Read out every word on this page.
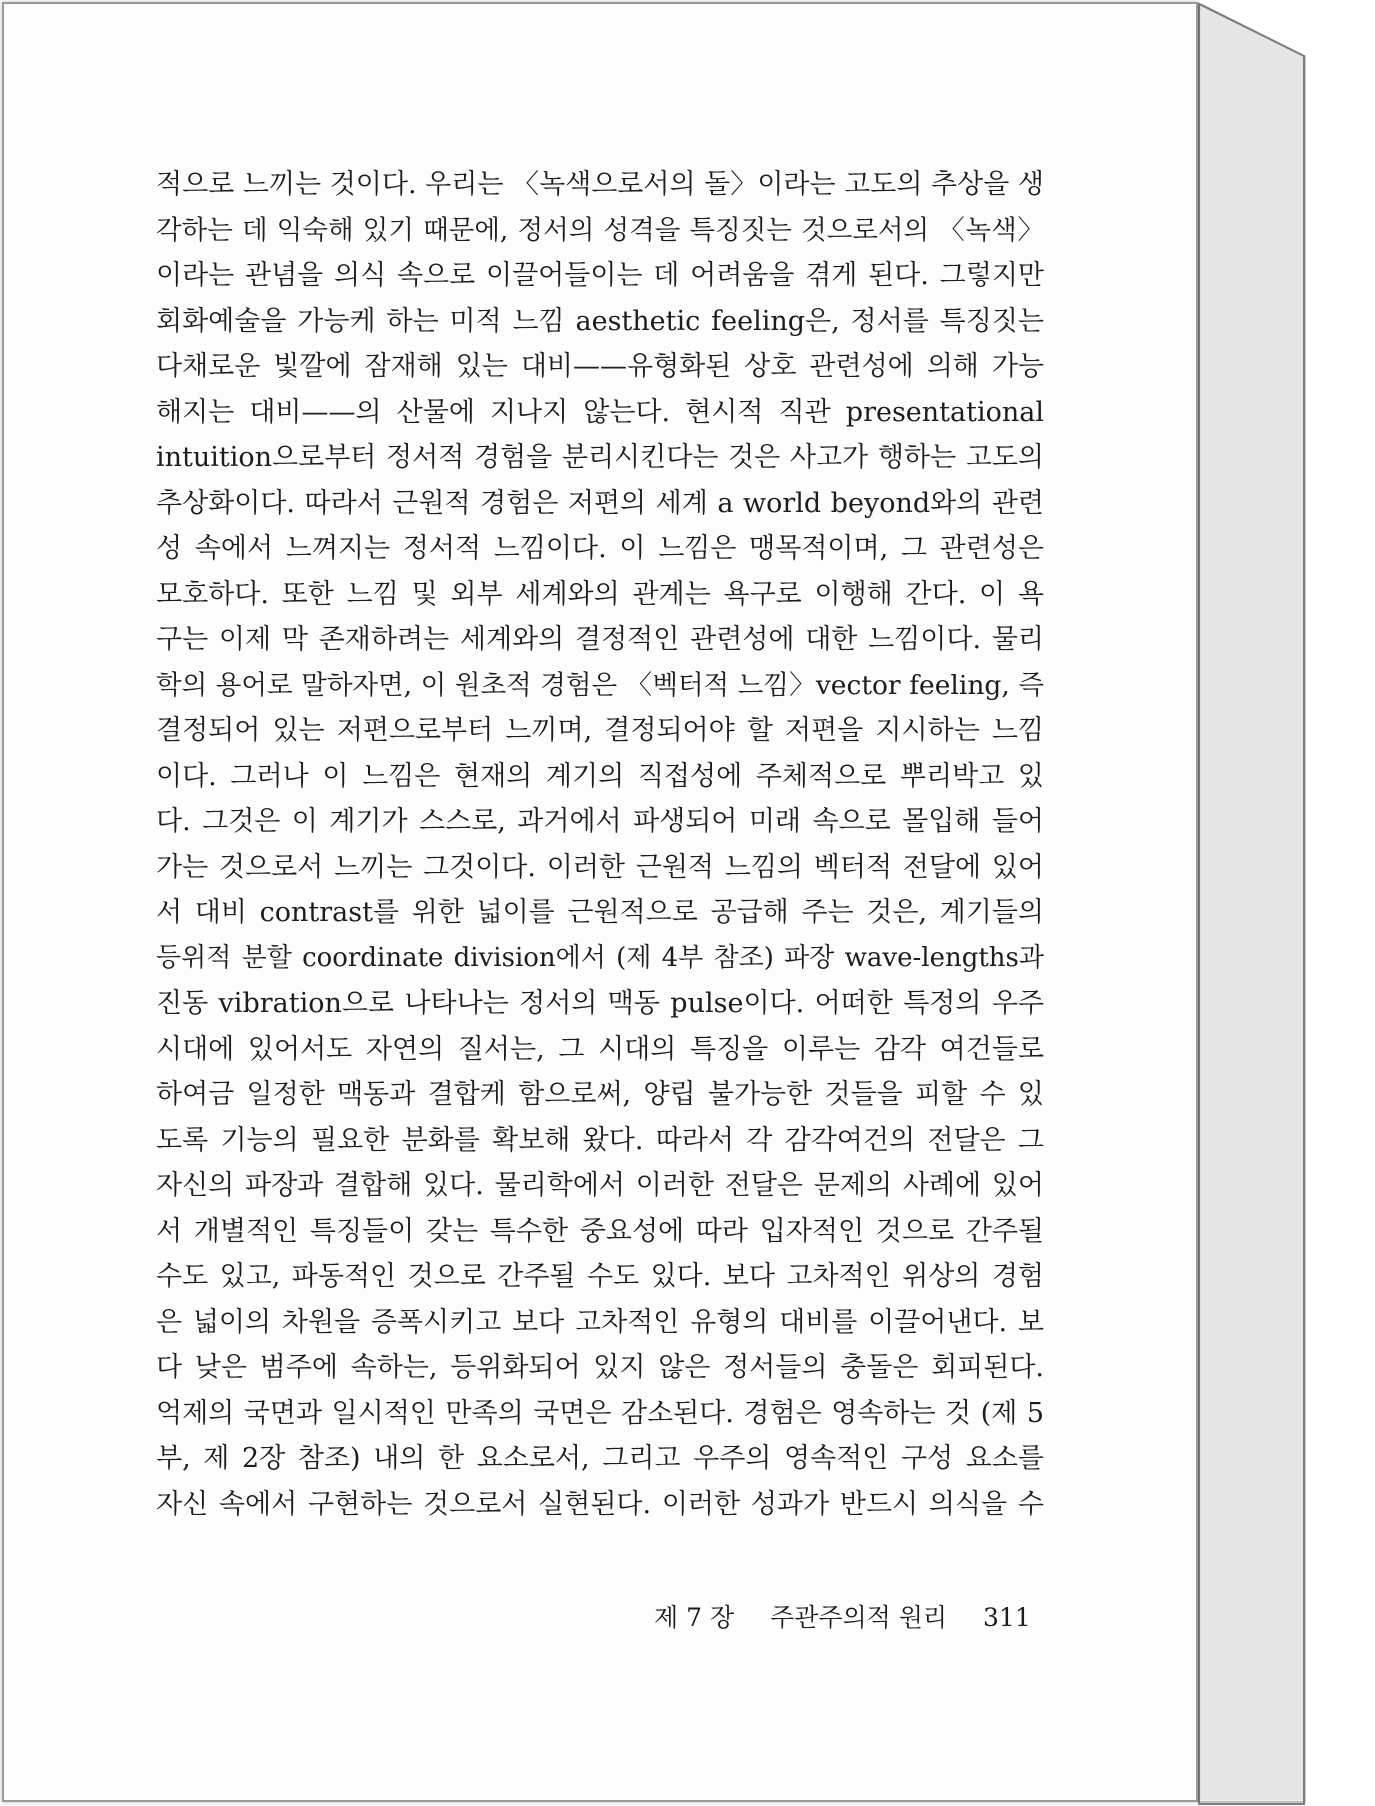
적으로 느끼는 것이다. 우리는 〈녹색으로서의 돌〉이라는 고도의 추상을 생
각하는 데 익숙해 있기 때문에, 정서의 성격을 특징짓는 것으로서의 〈녹색〉
이라는 관념을 의식 속으로 이끌어들이는 데 어려움을 겪게 된다. 그렇지만
회화예술을 가능케 하는 미적 느낌 aesthetic feeling은, 정서를 특징짓는
다채로운 빛깔에 잠재해 있는 대비——유형화된 상호 관련성에 의해 가능
해지는 대비——의 산물에 지나지 않는다. 현시적 직관 presentational
intuition으로부터 정서적 경험을 분리시킨다는 것은 사고가 행하는 고도의
추상화이다. 따라서 근원적 경험은 저편의 세계 a world beyond와의 관련
성 속에서 느껴지는 정서적 느낌이다. 이 느낌은 맹목적이며, 그 관련성은
모호하다. 또한 느낌 및 외부 세계와의 관계는 욕구로 이행해 간다. 이 욕
구는 이제 막 존재하려는 세계와의 결정적인 관련성에 대한 느낌이다. 물리
학의 용어로 말하자면, 이 원초적 경험은 〈벡터적 느낌〉vector feeling, 즉
결정되어 있는 저편으로부터 느끼며, 결정되어야 할 저편을 지시하는 느낌
이다. 그러나 이 느낌은 현재의 계기의 직접성에 주체적으로 뿌리박고 있
다. 그것은 이 계기가 스스로, 과거에서 파생되어 미래 속으로 몰입해 들어
가는 것으로서 느끼는 그것이다. 이러한 근원적 느낌의 벡터적 전달에 있어
서 대비 contrast를 위한 넓이를 근원적으로 공급해 주는 것은, 계기들의
등위적 분할 coordinate division에서 (제 4부 참조) 파장 wave-lengths과
진동 vibration으로 나타나는 정서의 맥동 pulse이다. 어떠한 특정의 우주
시대에 있어서도 자연의 질서는, 그 시대의 특징을 이루는 감각 여건들로
하여금 일정한 맥동과 결합케 함으로써, 양립 불가능한 것들을 피할 수 있
도록 기능의 필요한 분화를 확보해 왔다. 따라서 각 감각여건의 전달은 그
자신의 파장과 결합해 있다. 물리학에서 이러한 전달은 문제의 사례에 있어
서 개별적인 특징들이 갖는 특수한 중요성에 따라 입자적인 것으로 간주될
수도 있고, 파동적인 것으로 간주될 수도 있다. 보다 고차적인 위상의 경험
은 넓이의 차원을 증폭시키고 보다 고차적인 유형의 대비를 이끌어낸다. 보
다 낮은 범주에 속하는, 등위화되어 있지 않은 정서들의 충돌은 회피된다.
억제의 국면과 일시적인 만족의 국면은 감소된다. 경험은 영속하는 것 (제 5
부, 제 2장 참조) 내의 한 요소로서, 그리고 우주의 영속적인 구성 요소를
자신 속에서 구현하는 것으로서 실현된다. 이러한 성과가 반드시 의식을 수
제 7 장 주관주의적 원리 311
